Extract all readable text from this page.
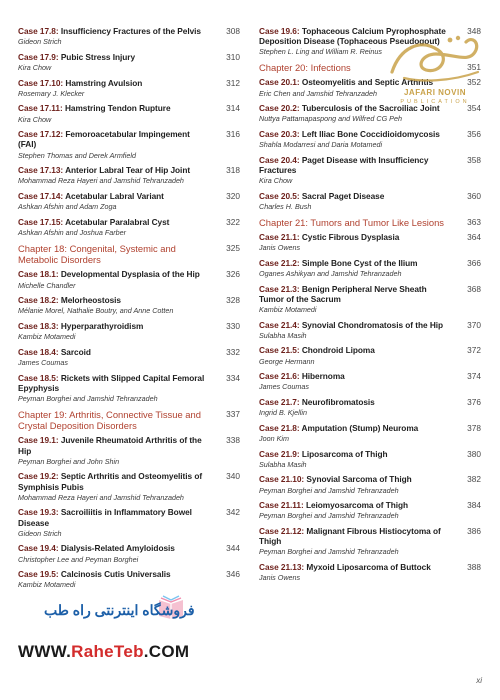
Case 17.8: Insufficiency Fractures of the Pelvis	308
Gideon Strich
Case 17.9: Pubic Stress Injury	310
Kira Chow
Case 17.10: Hamstring Avulsion	312
Rosemary J. Klecker
Case 17.11: Hamstring Tendon Rupture	314
Kira Chow
Case 17.12: Femoroacetabular Impingement (FAI)
316
Stephen Thomas and Derek Armfield
Case 17.13: Anterior Labral Tear of Hip Joint	318
Mohammad Reza Hayeri and Jamshid Tehranzadeh
Case 17.14: Acetabular Labral Variant	320
Ashkan Afshin and Adam Zoga
Case 17.15: Acetabular Paralabral Cyst	322
Ashkan Afshin and Joshua Farber
Chapter 18: Congenital, Systemic and Metabolic Disorders
325
Case 18.1: Developmental Dysplasia of the Hip	326
Michelle Chandler
Case 18.2: Melorheostosis	328
Mélanie Morel, Nathalie Boutry, and Anne Cotten
Case 18.3: Hyperparathyroidism	330
Kambiz Motamedi
Case 18.4: Sarcoid	332
James Coumas
Case 18.5: Rickets with Slipped Capital Femoral Epyphysis
334
Peyman Borghei and Jamshid Tehranzadeh
Chapter 19: Arthritis, Connective Tissue and Crystal Deposition Disorders
337
Case 19.1: Juvenile Rheumatoid Arthritis of the Hip
338
Peyman Borghei and John Shin
Case 19.2: Septic Arthritis and Osteomyelitis of Symphisis Pubis
340
Mohammad Reza Hayeri and Jamshid Tehranzadeh
Case 19.3: Sacroiliitis in Inflammatory Bowel Disease
342
Gideon Strich
Case 19.4: Dialysis-Related Amyloidosis	344
Christopher Lee and Peyman Borghei
Case 19.5: Calcinosis Cutis Universalis	346
Kambiz Motamedi
Case 19.6: Tophaceous Calcium Pyrophosphate Deposition Disease (Tophaceous Pseudogout)
348
Stephen L. Ling and William R. Reinus
Chapter 20: Infections	351
Case 20.1: Osteomyelitis and Septic Arthritis	352
Eric Chen and Jamshid Tehranzadeh
Case 20.2: Tuberculosis of the Sacroiliac Joint	354
Nuttya Pattamapaspong and Wilfred CG Peh
Case 20.3: Left Iliac Bone Coccidioidomycosis	356
Shahla Modarresi and Daria Motamedi
Case 20.4: Paget Disease with Insufficiency Fractures
358
Kira Chow
Case 20.5: Sacral Paget Disease	360
Charles H. Bush
Chapter 21: Tumors and Tumor Like Lesions	363
Case 21.1: Cystic Fibrous Dysplasia	364
Janis Owens
Case 21.2: Simple Bone Cyst of the Ilium	366
Oganes Ashikyan and Jamshid Tehranzadeh
Case 21.3: Benign Peripheral Nerve Sheath Tumor of the Sacrum
368
Kambiz Motamedi
Case 21.4: Synovial Chondromatosis of the Hip	370
Sulabha Masih
Case 21.5: Chondroid Lipoma	372
George Hermann
Case 21.6: Hibernoma	374
James Coumas
Case 21.7: Neurofibromatosis	376
Ingrid B. Kjellin
Case 21.8: Amputation (Stump) Neuroma	378
Joon Kim
Case 21.9: Liposarcoma of Thigh	380
Sulabha Masih
Case 21.10: Synovial Sarcoma of Thigh	382
Peyman Borghei and Jamshid Tehranzadeh
Case 21.11: Leiomyosarcoma of Thigh	384
Peyman Borghei and Jamshid Tehranzadeh
Case 21.12: Malignant Fibrous Histiocytoma of Thigh
386
Peyman Borghei and Jamshid Tehranzadeh
Case 21.13: Myxoid Liposarcoma of Buttock	388
Janis Owens
xi
JAFARI NOVIN
PUBLICATION
فروشگاه اینترنتی راه طب
WWW.RaheTeb.COM
